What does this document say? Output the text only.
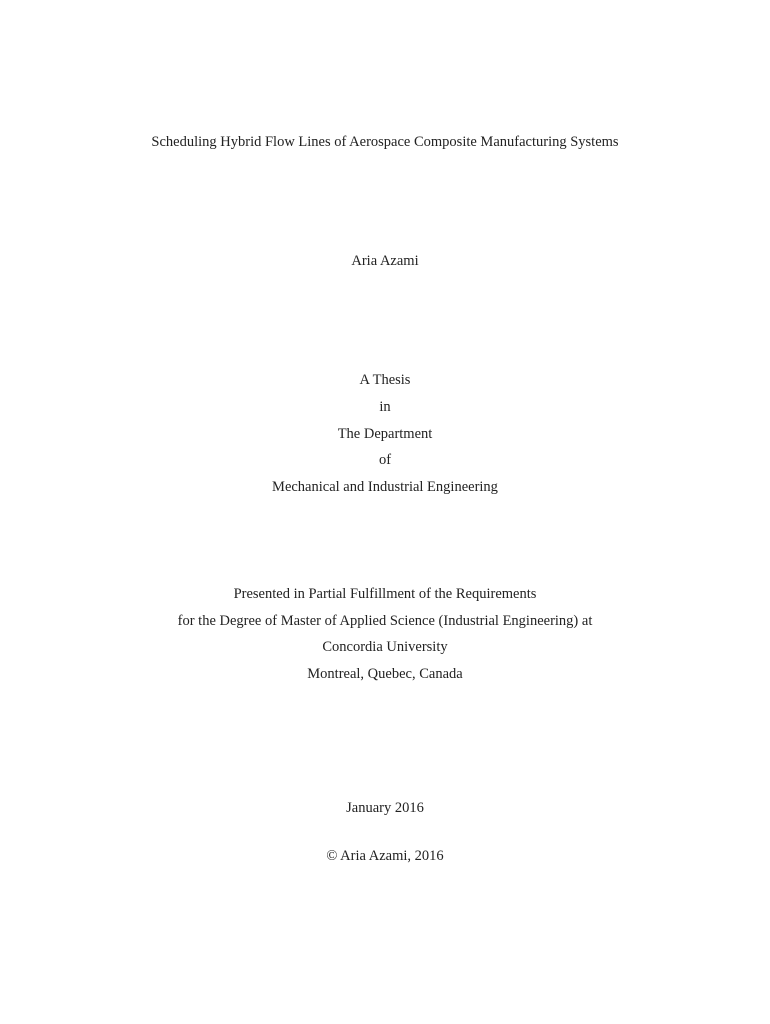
Scheduling Hybrid Flow Lines of Aerospace Composite Manufacturing Systems
Aria Azami
A Thesis
in
The Department
of
Mechanical and Industrial Engineering
Presented in Partial Fulfillment of the Requirements
for the Degree of Master of Applied Science (Industrial Engineering) at
Concordia University
Montreal, Quebec, Canada
January 2016
© Aria Azami, 2016
